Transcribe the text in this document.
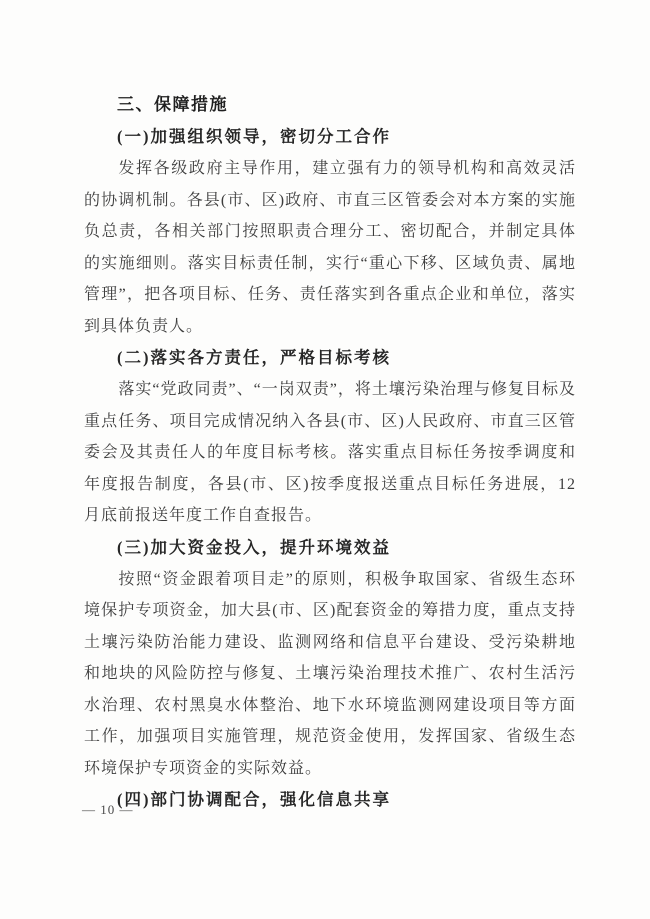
三、保障措施
(一)加强组织领导，密切分工合作

发挥各级政府主导作用，建立强有力的领导机构和高效灵活的协调机制。各县(市、区)政府、市直三区管委会对本方案的实施负总责，各相关部门按照职责合理分工、密切配合，并制定具体的实施细则。落实目标责任制，实行“重心下移、区域负责、属地管理”，把各项目标、任务、责任落实到各重点企业和单位，落实到具体负责人。

(二)落实各方责任，严格目标考核

落实“党政同责”、“一岗双责”，将土壤污染治理与修复目标及重点任务、项目完成情况纳入各县(市、区)人民政府、市直三区管委会及其责任人的年度目标考核。落实重点目标任务按季调度和年度报告制度，各县(市、区)按季度报送重点目标任务进展，12 月底前报送年度工作自查报告。

(三)加大资金投入，提升环境效益

按照“资金跟着项目走”的原则，积极争取国家、省级生态环境保护专项资金，加大县(市、区)配套资金的筹措力度，重点支持土壤污染防治能力建设、监测网络和信息平台建设、受污染耕地和地块的风险防控与修复、土壤污染治理技术推广、农村生活污水治理、农村黑臭水体整治、地下水环境监测网建设项目等方面工作，加强项目实施管理，规范资金使用，发挥国家、省级生态环境保护专项资金的实际效益。

(四)部门协调配合，强化信息共享
— 10 —
